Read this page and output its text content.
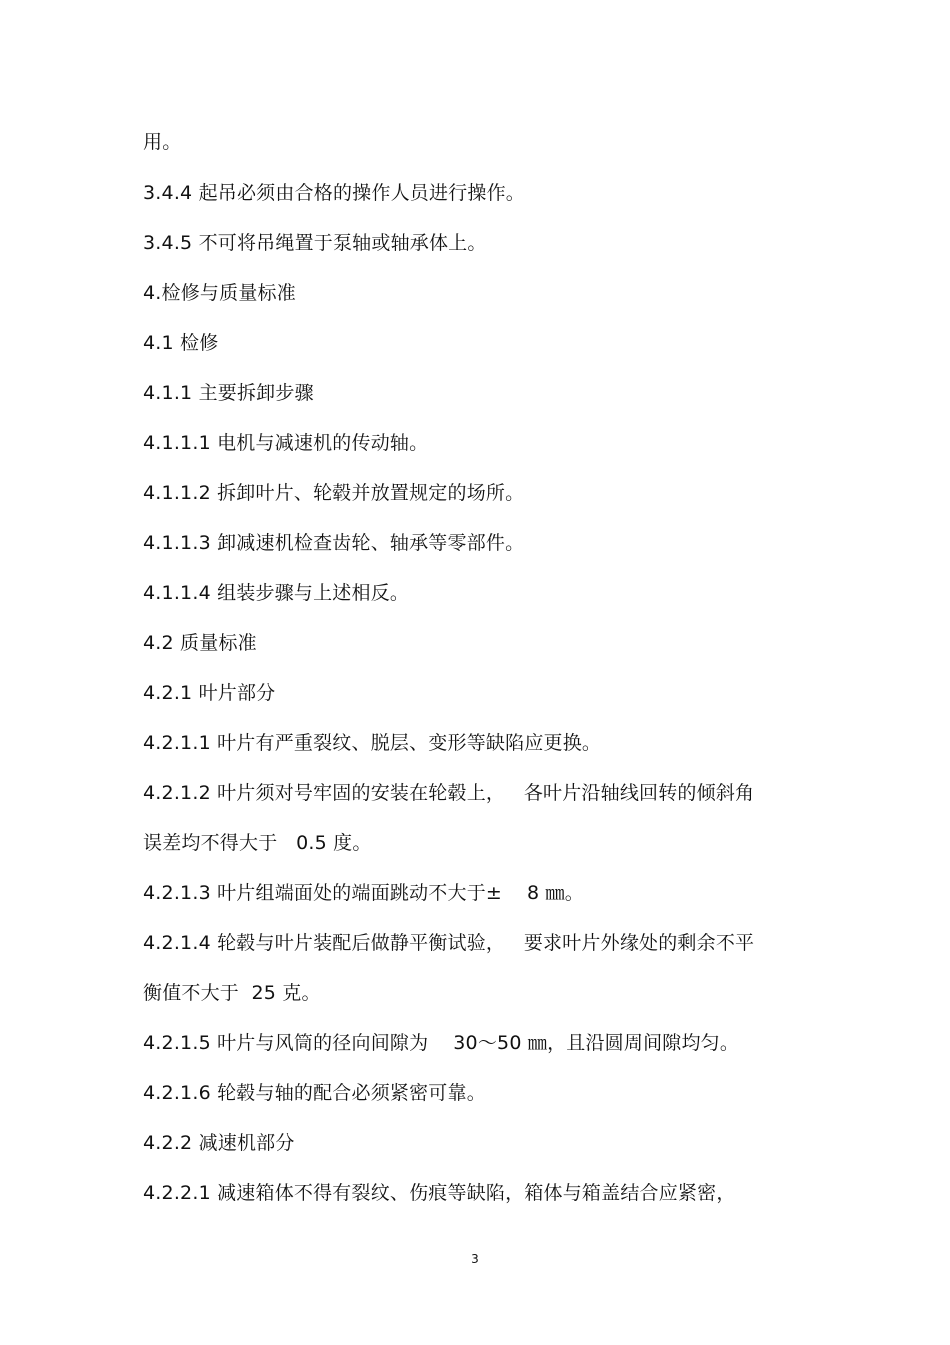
用。
3.4.4 起吊必须由合格的操作人员进行操作。
3.4.5 不可将吊绳置于泵轴或轴承体上。
4.检修与质量标准
4.1 检修
4.1.1 主要拆卸步骤
4.1.1.1 电机与减速机的传动轴。
4.1.1.2 拆卸叶片、轮毂并放置规定的场所。
4.1.1.3 卸减速机检查齿轮、轴承等零部件。
4.1.1.4 组装步骤与上述相反。
4.2 质量标准
4.2.1 叶片部分
4.2.1.1 叶片有严重裂纹、脱层、变形等缺陷应更换。
4.2.1.2 叶片须对号牢固的安装在轮毂上，   各叶片沿轴线回转的倾斜角
误差均不得大于   0.5 度。
4.2.1.3 叶片组端面处的端面跳动不大于±    8 ㎜。
4.2.1.4 轮毂与叶片装配后做静平衡试验，   要求叶片外缘处的剩余不平
衡值不大于  25 克。
4.2.1.5 叶片与风筒的径向间隙为    30～50 ㎜，且沿圆周间隙均匀。
4.2.1.6 轮毂与轴的配合必须紧密可靠。
4.2.2 减速机部分
4.2.2.1 减速箱体不得有裂纹、伤痕等缺陷，箱体与箱盖结合应紧密，
3
